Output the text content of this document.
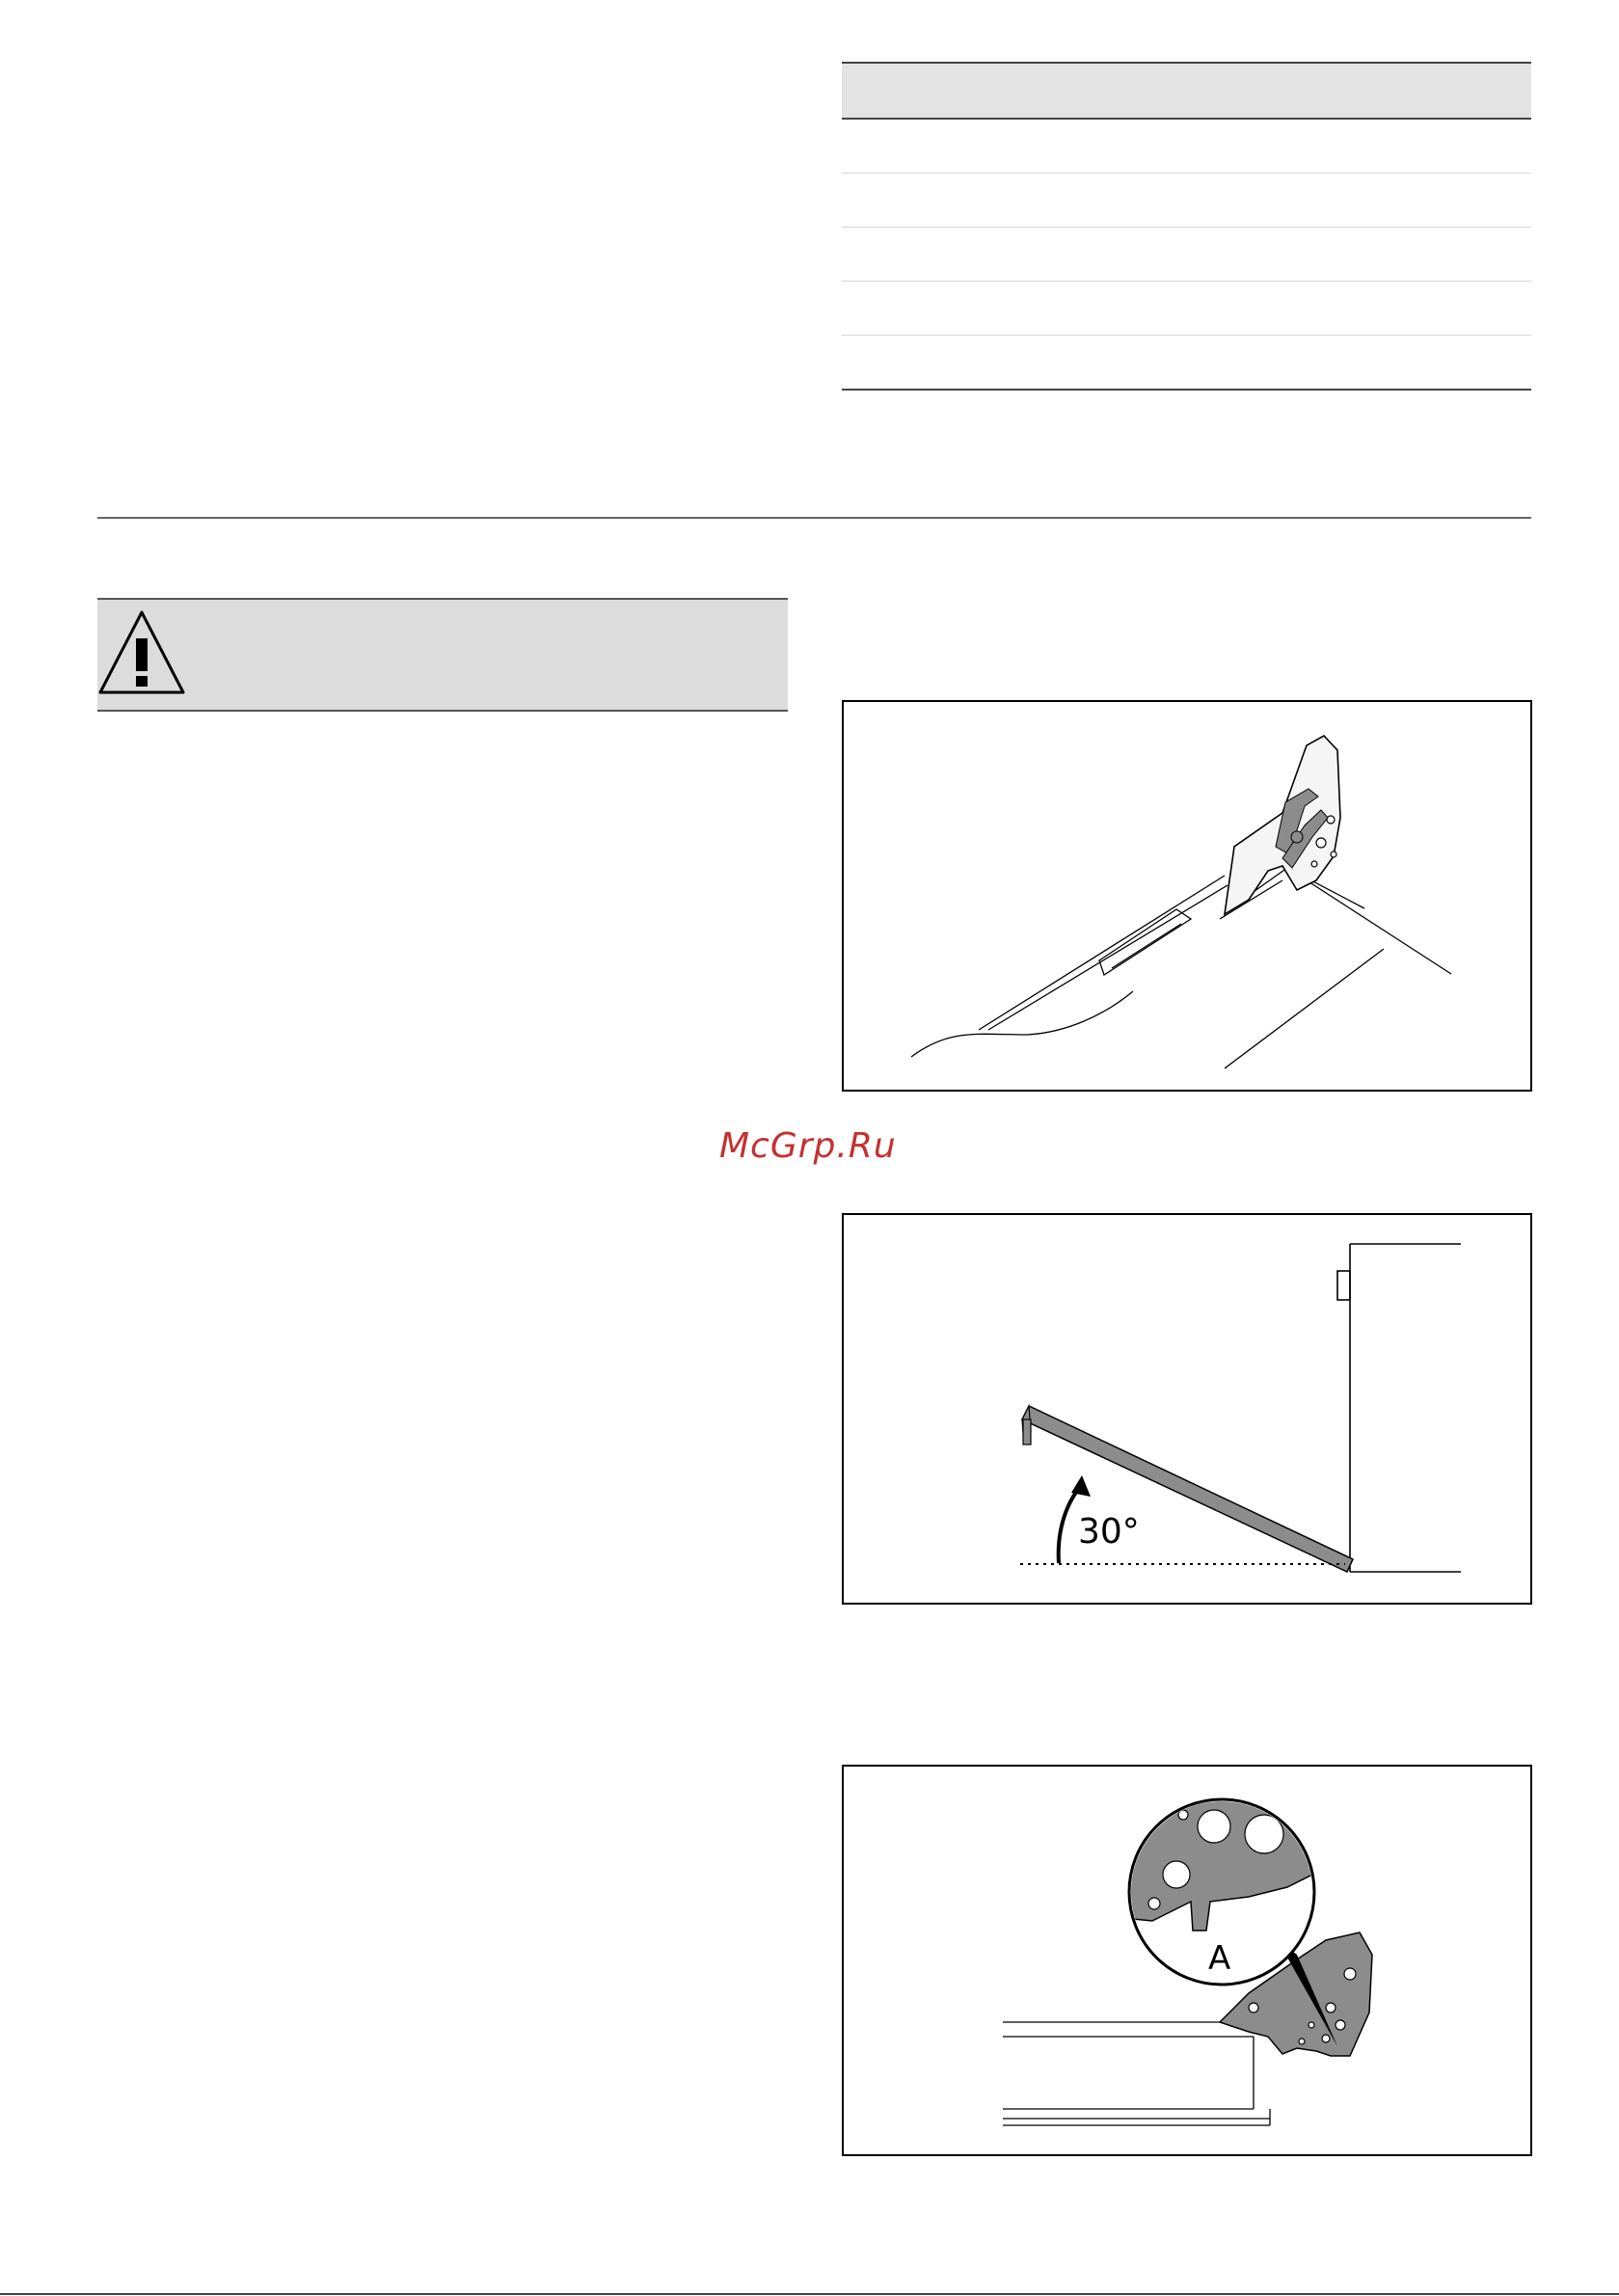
McGrp.Ru
30°
A
